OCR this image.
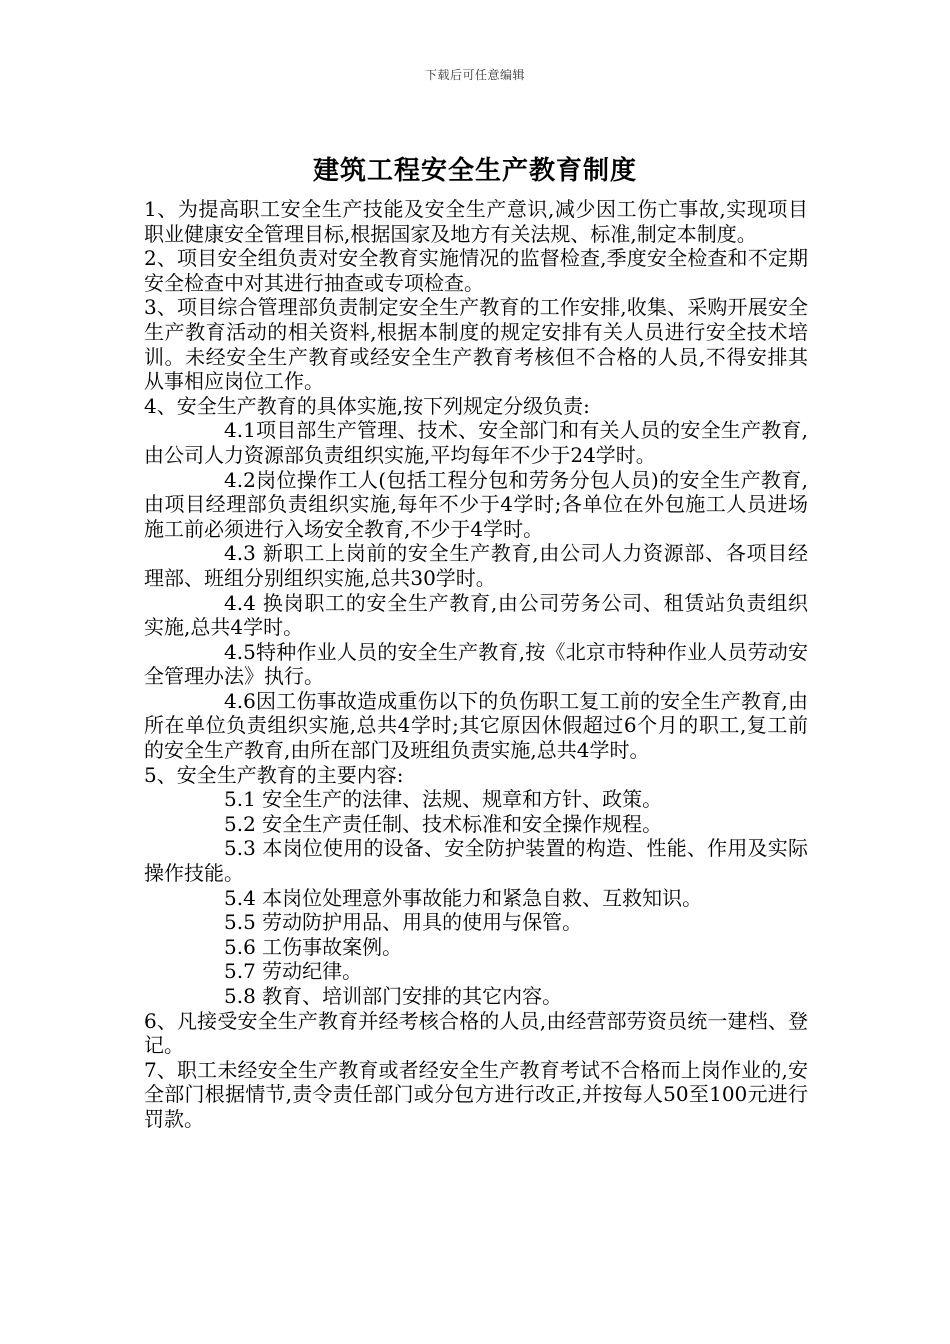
下载后可任意编辑
建筑工程安全生产教育制度

1、为提高职工安全生产技能及安全生产意识,减少因工伤亡事故,实现项目职业健康安全管理目标,根据国家及地方有关法规、标准,制定本制度。

2、项目安全组负责对安全教育实施情况的监督检查,季度安全检查和不定期安全检查中对其进行抽查或专项检查。

3、项目综合管理部负责制定安全生产教育的工作安排,收集、采购开展安全生产教育活动的相关资料,根据本制度的规定安排有关人员进行安全技术培训。未经安全生产教育或经安全生产教育考核但不合格的人员,不得安排其从事相应岗位工作。

4、安全生产教育的具体实施,按下列规定分级负责:

4.1项目部生产管理、技术、安全部门和有关人员的安全生产教育,由公司人力资源部负责组织实施,平均每年不少于24学时。

4.2岗位操作工人(包括工程分包和劳务分包人员)的安全生产教育,由项目经理部负责组织实施,每年不少于4学时;各单位在外包施工人员进场施工前必须进行入场安全教育,不少于4学时。

4.3 新职工上岗前的安全生产教育,由公司人力资源部、各项目经理部、班组分别组织实施,总共30学时。

4.4 换岗职工的安全生产教育,由公司劳务公司、租赁站负责组织实施,总共4学时。

4.5特种作业人员的安全生产教育,按《北京市特种作业人员劳动安全管理办法》执行。

4.6因工伤事故造成重伤以下的负伤职工复工前的安全生产教育,由所在单位负责组织实施,总共4学时;其它原因休假超过6个月的职工,复工前的安全生产教育,由所在部门及班组负责实施,总共4学时。

5、安全生产教育的主要内容:

5.1 安全生产的法律、法规、规章和方针、政策。

5.2 安全生产责任制、技术标准和安全操作规程。

5.3 本岗位使用的设备、安全防护装置的构造、性能、作用及实际操作技能。

5.4 本岗位处理意外事故能力和紧急自救、互救知识。

5.5 劳动防护用品、用具的使用与保管。

5.6 工伤事故案例。

5.7 劳动纪律。

5.8 教育、培训部门安排的其它内容。

6、凡接受安全生产教育并经考核合格的人员,由经营部劳资员统一建档、登记。

7、职工未经安全生产教育或者经安全生产教育考试不合格而上岗作业的,安全部门根据情节,责令责任部门或分包方进行改正,并按每人50至100元进行罚款。
